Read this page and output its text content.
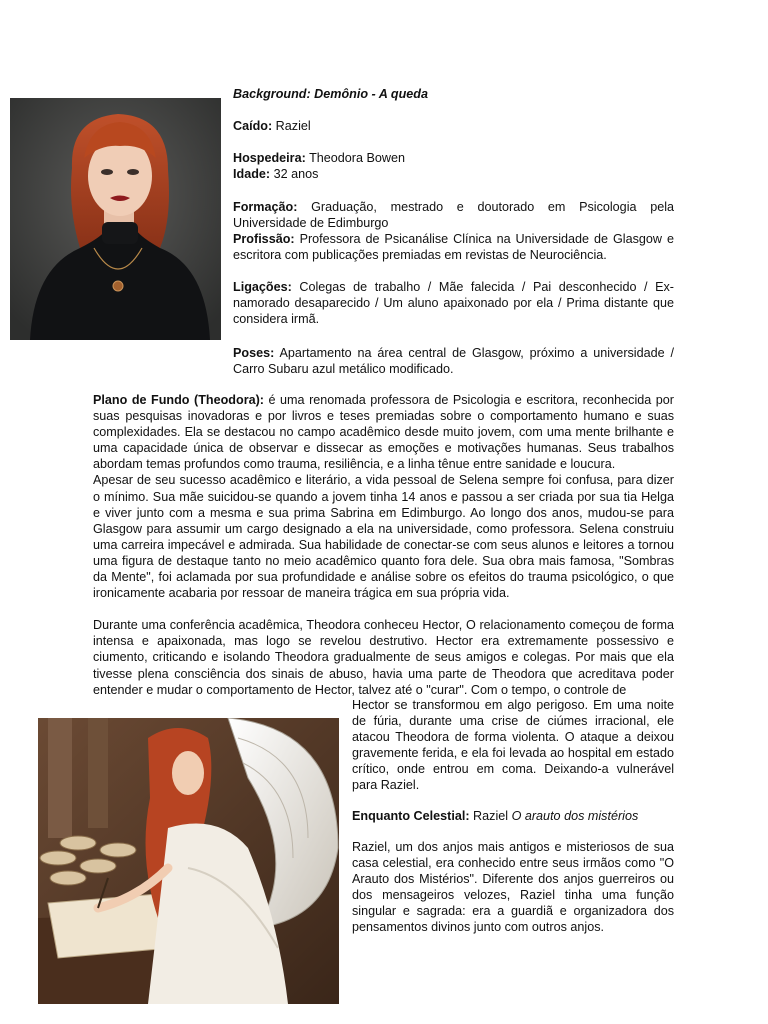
Background: Demônio - A queda
Caído: Raziel

Hospedeira: Theodora Bowen

Idade: 32 anos

Formação: Graduação, mestrado e doutorado em Psicologia pela Universidade de Edimburgo

Profissão: Professora de Psicanálise Clínica na Universidade de Glasgow e escritora com publicações premiadas em revistas de Neurociência.

Ligações: Colegas de trabalho / Mãe falecida / Pai desconhecido / Ex-namorado desaparecido / Um aluno apaixonado por ela / Prima distante que considera irmã.
Poses: Apartamento na área central de Glasgow, próximo a universidade / Carro Subaru azul metálico modificado.

Plano de Fundo (Theodora): é uma renomada professora de Psicologia e escritora, reconhecida por suas pesquisas inovadoras e por livros e teses premiadas sobre o comportamento humano e suas complexidades. Ela se destacou no campo acadêmico desde muito jovem, com uma mente brilhante e uma capacidade única de observar e dissecar as emoções e motivações humanas. Seus trabalhos abordam temas profundos como trauma, resiliência, e a linha tênue entre sanidade e loucura.

Apesar de seu sucesso acadêmico e literário, a vida pessoal de Selena sempre foi confusa, para dizer o mínimo. Sua mãe suicidou-se quando a jovem tinha 14 anos e passou a ser criada por sua tia Helga e viver junto com a mesma e sua prima Sabrina em Edimburgo. Ao longo dos anos, mudou-se para Glasgow para assumir um cargo designado a ela na universidade, como professora. Selena construiu uma carreira impecável e admirada. Sua habilidade de conectar-se com seus alunos e leitores a tornou uma figura de destaque tanto no meio acadêmico quanto fora dele. Sua obra mais famosa, "Sombras da Mente", foi aclamada por sua profundidade e análise sobre os efeitos do trauma psicológico, o que ironicamente acabaria por ressoar de maneira trágica em sua própria vida.

Durante uma conferência acadêmica, Theodora conheceu Hector, O relacionamento começou de forma intensa e apaixonada, mas logo se revelou destrutivo. Hector era extremamente possessivo e ciumento, criticando e isolando Theodora gradualmente de seus amigos e colegas. Por mais que ela tivesse plena consciência dos sinais de abuso, havia uma parte de Theodora que acreditava poder entender e mudar o comportamento de Hector, talvez até o "curar". Com o tempo, o controle de

Hector se transformou em algo perigoso. Em uma noite de fúria, durante uma crise de ciúmes irracional, ele atacou Theodora de forma violenta. O ataque a deixou gravemente ferida, e ela foi levada ao hospital em estado crítico, onde entrou em coma. Deixando-a vulnerável para Raziel.

Enquanto Celestial: Raziel O arauto dos mistérios

Raziel, um dos anjos mais antigos e misteriosos de sua casa celestial, era conhecido entre seus irmãos como "O Arauto dos Mistérios". Diferente dos anjos guerreiros ou dos mensageiros velozes, Raziel tinha uma função singular e sagrada: era a guardiã e organizadora dos pensamentos divinos junto com outros anjos.
